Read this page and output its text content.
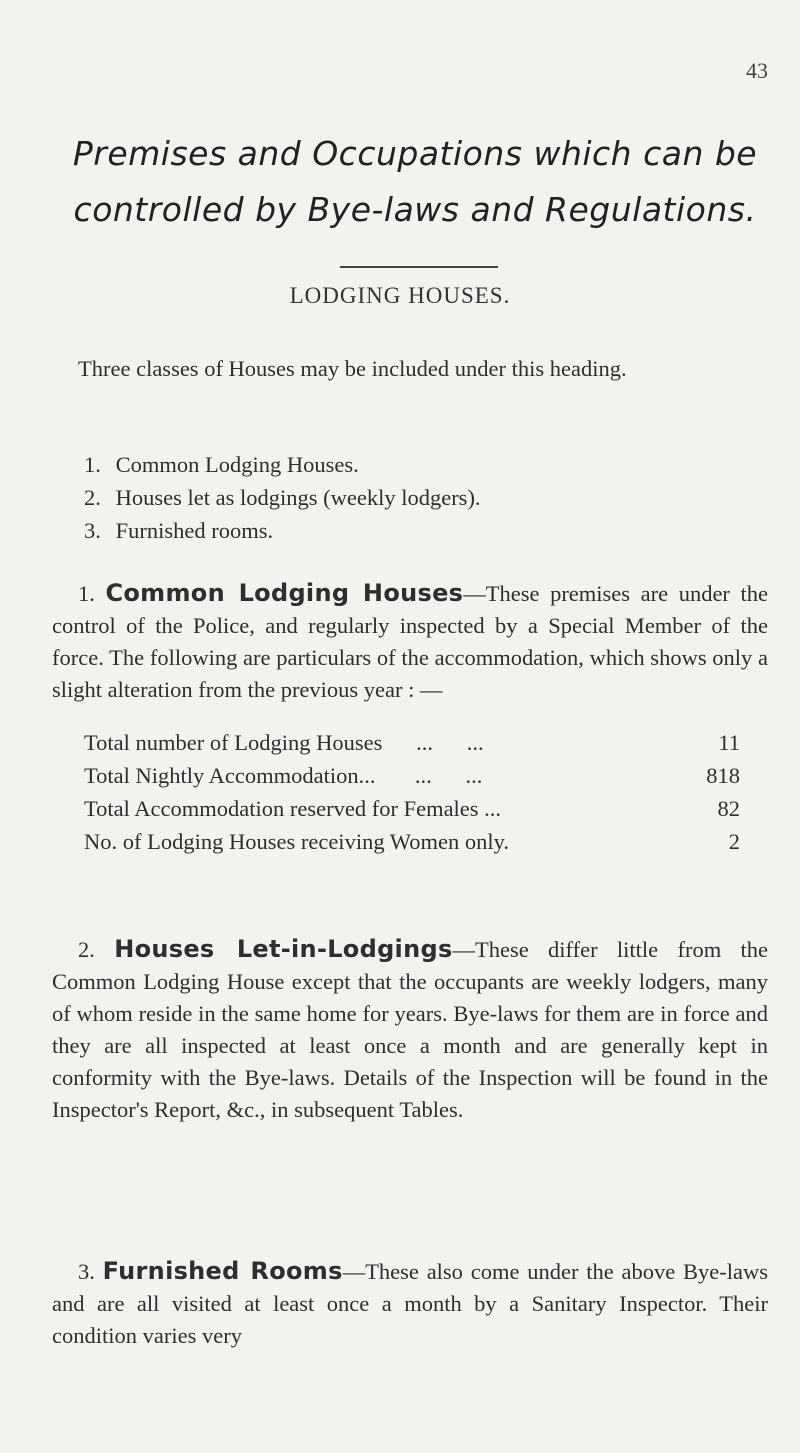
43
Premises and Occupations which can be
controlled by Bye-laws and Regulations.
LODGING HOUSES.

Three classes of Houses may be included under this heading.

1.
Common Lodging Houses.
2.
Houses let as lodgings (weekly lodgers).
3.
Furnished rooms.

1. Common Lodging Houses—These premises are under the control of the Police, and regularly inspected by a Special Member of the force. The following are particulars of the accommodation, which shows only a slight alteration from the previous year : —

Total number of Lodging Houses      ...      ...	11
Total Nightly Accommodation...       ...      ...	818
Total Accommodation reserved for Females ...	82
No. of Lodging Houses receiving Women only.	2

2. Houses Let-in-Lodgings—These differ little from the Common Lodging House except that the occupants are weekly lodgers, many of whom reside in the same home for years. Bye-laws for them are in force and they are all inspected at least once a month and are generally kept in conformity with the Bye-laws. Details of the Inspection will be found in the Inspector's Report, &c., in subsequent Tables.

3. Furnished Rooms—These also come under the above Bye-laws and are all visited at least once a month by a Sanitary Inspector. Their condition varies very
